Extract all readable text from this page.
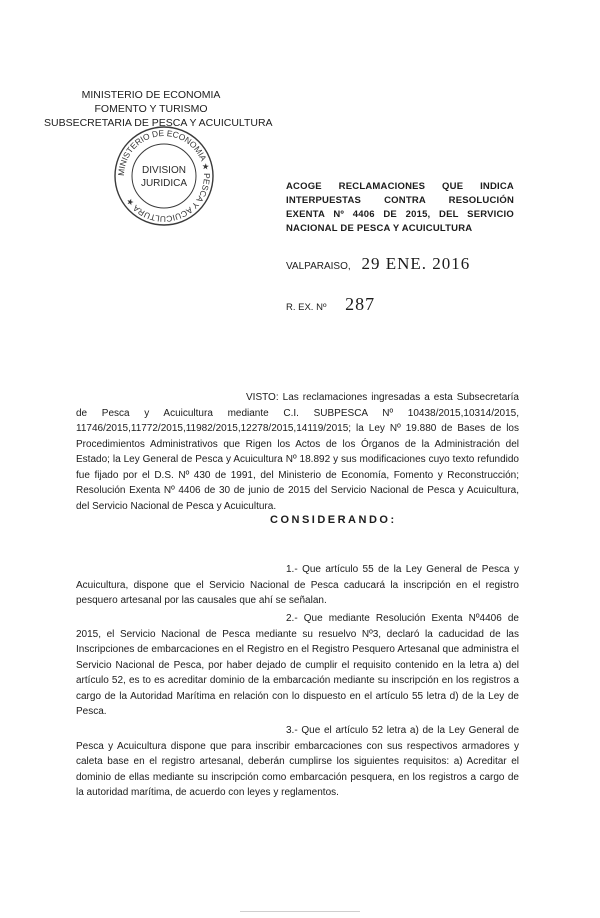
MINISTERIO DE ECONOMIA
FOMENTO Y TURISMO
SUBSECRETARIA DE PESCA Y ACUICULTURA
MINISTERIO DE ECONOMIA ★ PESCA Y ACUICULTURA ★
DIVISION
JURIDICA	ACOGE RECLAMACIONES QUE INDICA INTERPUESTAS CONTRA RESOLUCIÓN EXENTA Nº 4406 DE 2015, DEL SERVICIO NACIONAL DE PESCA Y ACUICULTURA
VALPARAISO, 29 ENE. 2016
R. EX. Nº 287
VISTO: Las reclamaciones ingresadas a esta Subsecretaría de Pesca y Acuicultura mediante C.I. SUBPESCA Nº 10438/2015,10314/2015, 11746/2015,11772/2015,11982/2015,12278/2015,14119/2015; la Ley Nº 19.880 de Bases de los Procedimientos Administrativos que Rigen los Actos de los Órganos de la Administración del Estado; la Ley General de Pesca y Acuicultura Nº 18.892 y sus modificaciones cuyo texto refundido fue fijado por el D.S. Nº 430 de 1991, del Ministerio de Economía, Fomento y Reconstrucción; Resolución Exenta Nº 4406 de 30 de junio de 2015 del Servicio Nacional de Pesca y Acuicultura, del Servicio Nacional de Pesca y Acuicultura.
CONSIDERANDO:
1.- Que artículo 55 de la Ley General de Pesca y Acuicultura, dispone que el Servicio Nacional de Pesca caducará la inscripción en el registro pesquero artesanal por las causales que ahí se señalan.
2.- Que mediante Resolución Exenta Nº4406 de 2015, el Servicio Nacional de Pesca mediante su resuelvo Nº3, declaró la caducidad de las Inscripciones de embarcaciones en el Registro en el Registro Pesquero Artesanal que administra el Servicio Nacional de Pesca, por haber dejado de cumplir el requisito contenido en la letra a) del artículo 52, es to es acreditar dominio de la embarcación mediante su inscripción en los registros a cargo de la Autoridad Marítima en relación con lo dispuesto en el artículo 55 letra d) de la Ley de Pesca.
3.- Que el artículo 52 letra a) de la Ley General de Pesca y Acuicultura dispone que para inscribir embarcaciones con sus respectivos armadores y caleta base en el registro artesanal, deberán cumplirse los siguientes requisitos: a) Acreditar el dominio de ellas mediante su inscripción como embarcación pesquera, en los registros a cargo de la autoridad marítima, de acuerdo con leyes y reglamentos.
